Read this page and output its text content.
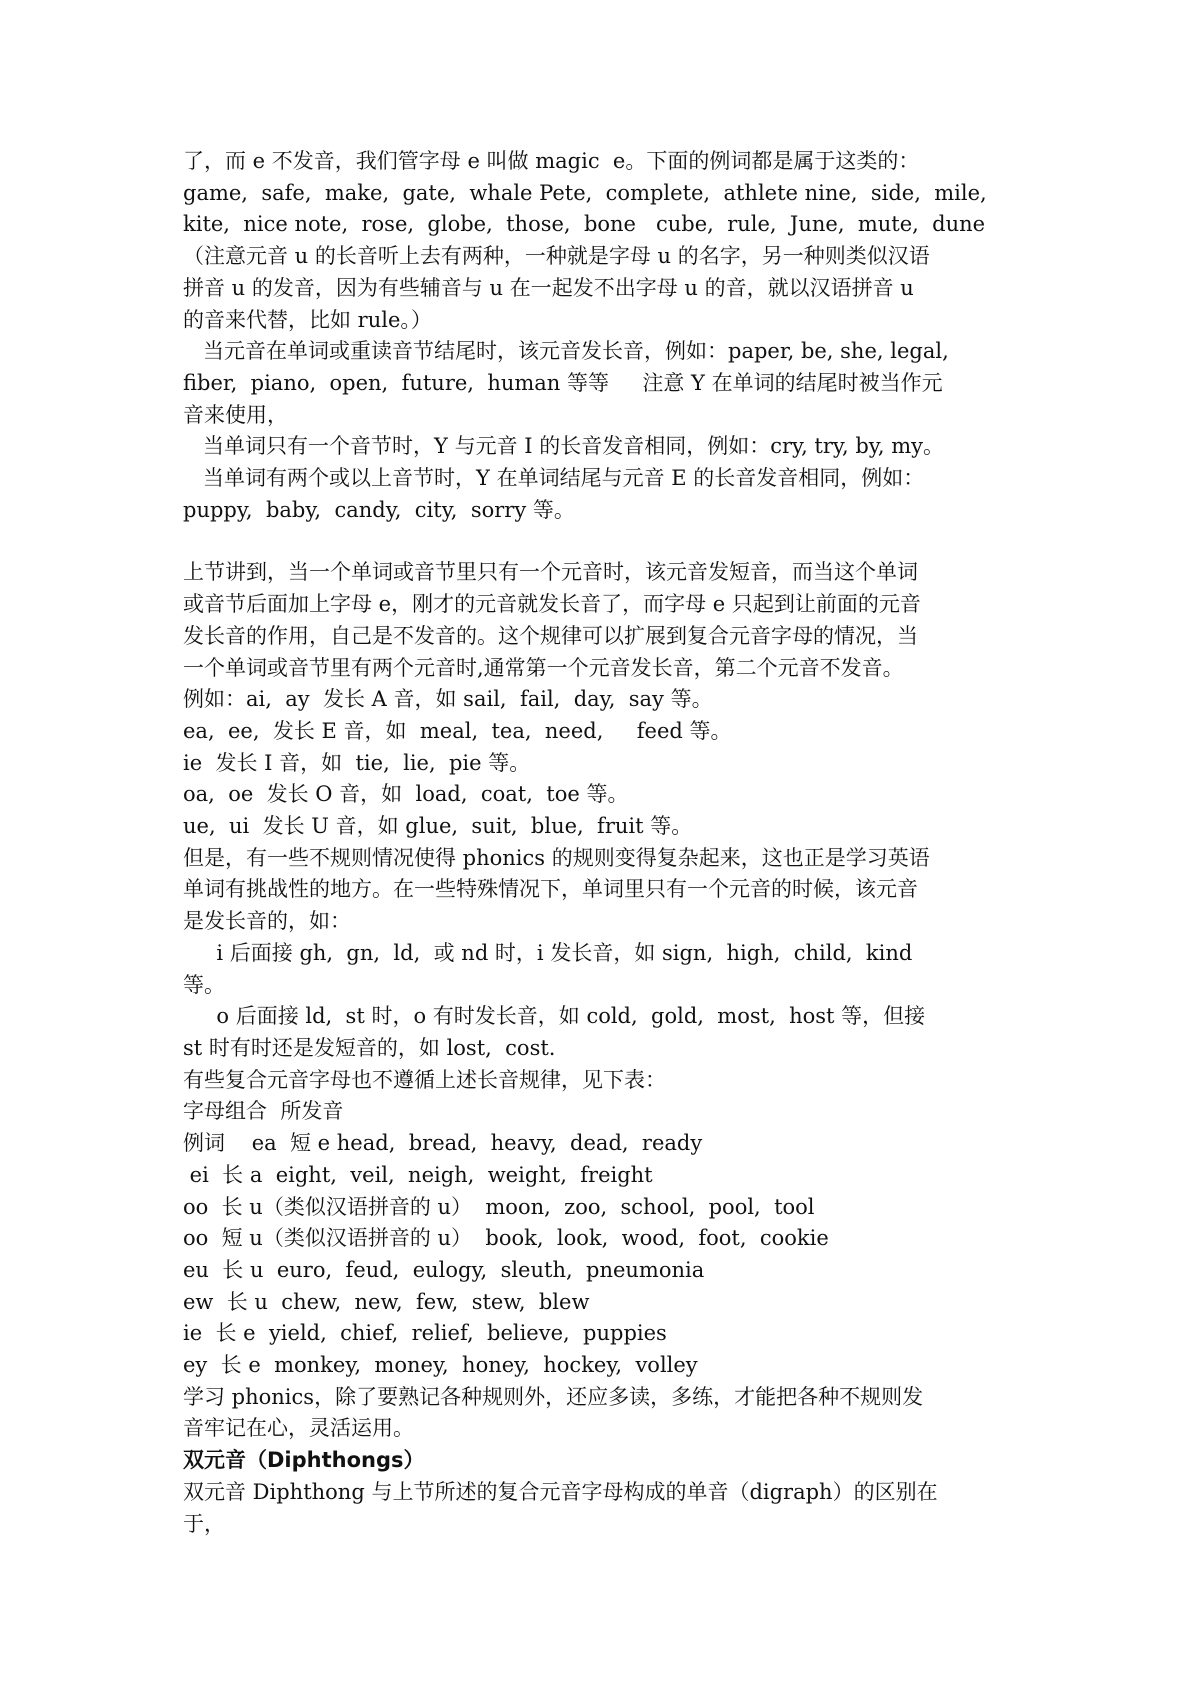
了，而 e 不发音，我们管字母 e 叫做 magic  e。下面的例词都是属于这类的：
game,  safe,  make,  gate,  whale Pete,  complete,  athlete nine,  side,  mile,
kite,  nice note,  rose,  globe,  those,  bone   cube,  rule,  June,  mute,  dune
（注意元音 u 的长音听上去有两种，一种就是字母 u 的名字，另一种则类似汉语
拼音 u 的发音，因为有些辅音与 u 在一起发不出字母 u 的音，就以汉语拼音 u
的音来代替，比如 rule。）
当元音在单词或重读音节结尾时，该元音发长音，例如：paper, be, she, legal,
fiber,  piano,  open,  future,  human 等等     注意 Y 在单词的结尾时被当作元
音来使用，
当单词只有一个音节时，Y 与元音 I 的长音发音相同，例如：cry, try, by, my。
当单词有两个或以上音节时，Y 在单词结尾与元音 E 的长音发音相同，例如：
puppy,  baby,  candy,  city,  sorry 等。
上节讲到，当一个单词或音节里只有一个元音时，该元音发短音，而当这个单词
或音节后面加上字母 e，刚才的元音就发长音了，而字母 e 只起到让前面的元音
发长音的作用，自己是不发音的。这个规律可以扩展到复合元音字母的情况，当
一个单词或音节里有两个元音时,通常第一个元音发长音，第二个元音不发音。
例如：ai,  ay  发长 A 音，如 sail,  fail,  day,  say 等。
ea,  ee,  发长 E 音，如  meal,  tea,  need,     feed 等。
ie  发长 I 音，如  tie,  lie,  pie 等。
oa,  oe  发长 O 音，如  load,  coat,  toe 等。
ue,  ui  发长 U 音，如 glue,  suit,  blue,  fruit 等。
但是，有一些不规则情况使得 phonics 的规则变得复杂起来，这也正是学习英语
单词有挑战性的地方。在一些特殊情况下，单词里只有一个元音的时候，该元音
是发长音的，如：
i 后面接 gh,  gn,  ld,  或 nd 时，i 发长音，如 sign,  high,  child,  kind
等。
o 后面接 ld,  st 时，o 有时发长音，如 cold,  gold,  most,  host 等，但接
st 时有时还是发短音的，如 lost,  cost.
有些复合元音字母也不遵循上述长音规律，见下表：
字母组合  所发音
例词    ea  短 e head,  bread,  heavy,  dead,  ready
ei  长 a  eight,  veil,  neigh,  weight,  freight
oo  长 u（类似汉语拼音的 u）  moon,  zoo,  school,  pool,  tool
oo  短 u（类似汉语拼音的 u）  book,  look,  wood,  foot,  cookie
eu  长 u  euro,  feud,  eulogy,  sleuth,  pneumonia
ew  长 u  chew,  new,  few,  stew,  blew
ie  长 e  yield,  chief,  relief,  believe,  puppies
ey  长 e  monkey,  money,  honey,  hockey,  volley
学习 phonics，除了要熟记各种规则外，还应多读，多练，才能把各种不规则发
音牢记在心，灵活运用。
双元音（Diphthongs）
双元音 Diphthong 与上节所述的复合元音字母构成的单音（digraph）的区别在
于，
